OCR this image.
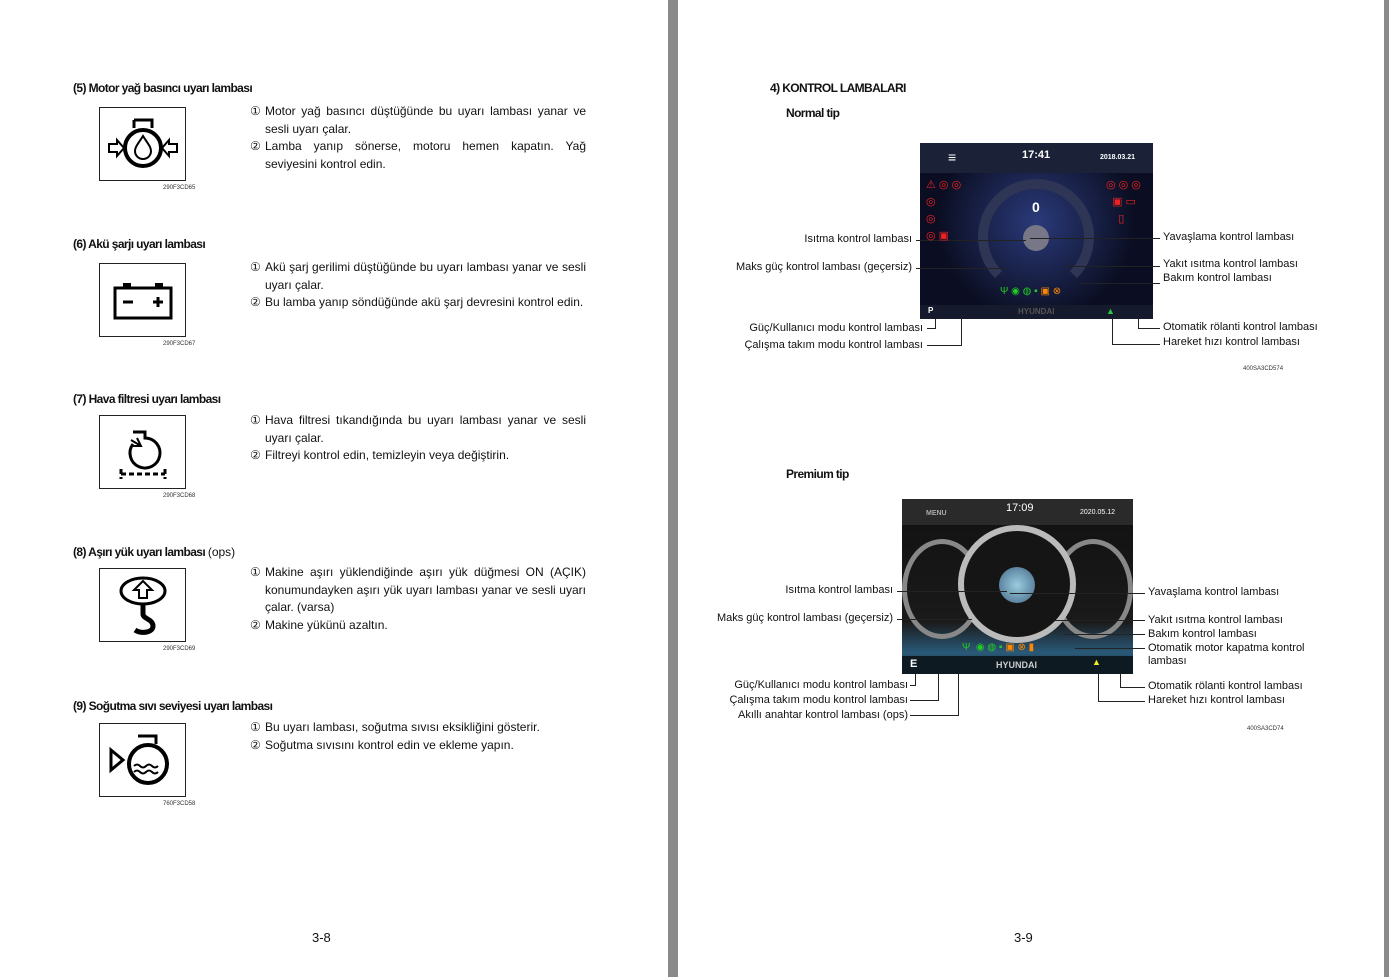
(5) Motor yağ basıncı uyarı lambası
290F3CD65
① Motor yağ basıncı düştüğünde bu uyarı lambası yanar ve sesli uyarı çalar.
② Lamba yanıp sönerse, motoru hemen kapatın. Yağ seviyesini kontrol edin.
(6) Akü şarjı uyarı lambası
290F3CD67
① Akü şarj gerilimi düştüğünde bu uyarı lambası yanar ve sesli uyarı çalar.
② Bu lamba yanıp söndüğünde akü şarj devresini kontrol edin.
(7) Hava filtresi uyarı lambası
290F3CD68
① Hava filtresi tıkandığında bu uyarı lambası yanar ve sesli uyarı çalar.
② Filtreyi kontrol edin, temizleyin veya değiştirin.
(8) Aşırı yük uyarı lambası (ops)
290F3CD69
① Makine aşırı yüklendiğinde aşırı yük düğmesi ON (AÇIK) konumundayken aşırı yük uyarı lambası yanar ve sesli uyarı çalar. (varsa)
② Makine yükünü azaltın.
(9) Soğutma sıvı seviyesi uyarı lambası
760F3CD58
① Bu uyarı lambası, soğutma sıvısı eksikliğini gösterir.
② Soğutma sıvısını kontrol edin ve ekleme yapın.
3-8
4) KONTROL LAMBALARI
Normal tip
≡	17:41	2018.03.21
0
⚠ ◎ ◎
◎
◎
◎ ▣
◎ ◎ ◎
▣ ▭
▯
Ψ ◉ ◍ ▪ ▣ ⊗
P	HYUNDAI	▲
Isıtma kontrol lambası
Maks güç kontrol lambası (geçersiz)
Güç/Kullanıcı modu kontrol lambası
Çalışma takım modu kontrol lambası
Yavaşlama kontrol lambası
Yakıt ısıtma kontrol lambası
Bakım kontrol lambası
Otomatik rölanti kontrol lambası
Hareket hızı kontrol lambası
400SA3CD574
Premium tip
MENU	17:09	2020.05.12
Ψ  ◉ ◍ ▪ ▣ ⊗ ▮
E	HYUNDAI	▲
Isıtma kontrol lambası
Maks güç kontrol lambası (geçersiz)
Güç/Kullanıcı modu kontrol lambası
Çalışma takım modu kontrol lambası
Akıllı anahtar kontrol lambası (ops)
Yavaşlama kontrol lambası
Yakıt ısıtma kontrol lambası
Bakım kontrol lambası
Otomatik motor kapatma kontrol lambası
Otomatik rölanti kontrol lambası
Hareket hızı kontrol lambası
400SA3CD74
3-9
